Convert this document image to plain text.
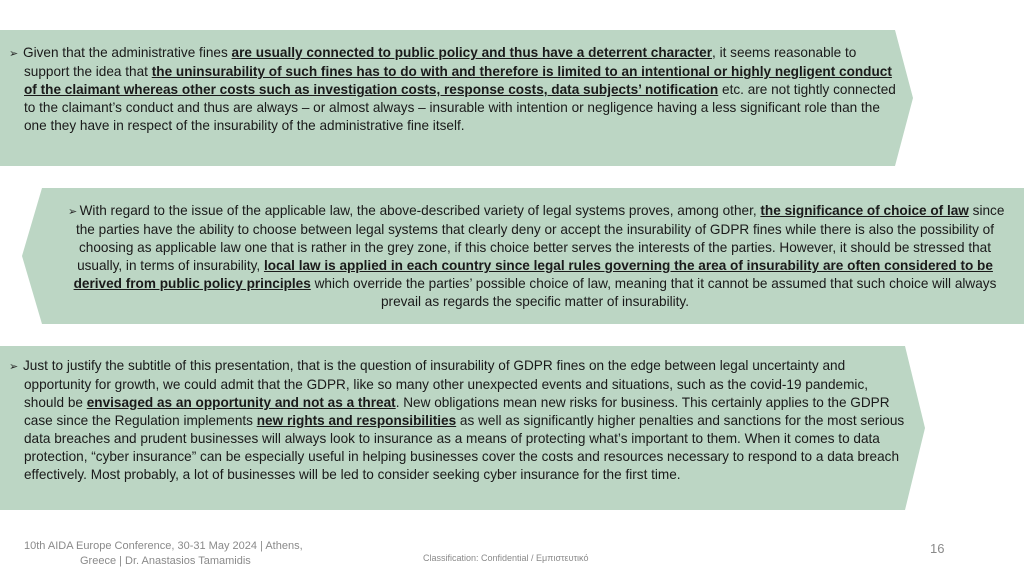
➢ Given that the administrative fines are usually connected to public policy and thus have a deterrent character, it seems reasonable to support the idea that the uninsurability of such fines has to do with and therefore is limited to an intentional or highly negligent conduct of the claimant whereas other costs such as investigation costs, response costs, data subjects’ notification etc. are not tightly connected to the claimant’s conduct and thus are always – or almost always – insurable with intention or negligence having a less significant role than the one they have in respect of the insurability of the administrative fine itself.

➢ With regard to the issue of the applicable law, the above-described variety of legal systems proves, among other, the significance of choice of law since the parties have the ability to choose between legal systems that clearly deny or accept the insurability of GDPR fines while there is also the possibility of choosing as applicable law one that is rather in the grey zone, if this choice better serves the interests of the parties. However, it should be stressed that usually, in terms of insurability, local law is applied in each country since legal rules governing the area of insurability are often considered to be derived from public policy principles which override the parties’ possible choice of law, meaning that it cannot be assumed that such choice will always prevail as regards the specific matter of insurability.

➢ Just to justify the subtitle of this presentation, that is the question of insurability of GDPR fines on the edge between legal uncertainty and opportunity for growth, we could admit that the GDPR, like so many other unexpected events and situations, such as the covid-19 pandemic, should be envisaged as an opportunity and not as a threat. New obligations mean new risks for business. This certainly applies to the GDPR case since the Regulation implements new rights and responsibilities as well as significantly higher penalties and sanctions for the most serious data breaches and prudent businesses will always look to insurance as a means of protecting what’s important to them. When it comes to data protection, “cyber insurance” can be especially useful in helping businesses cover the costs and resources necessary to respond to a data breach effectively. Most probably, a lot of businesses will be led to consider seeking cyber insurance for the first time.

10th AIDA Europe Conference, 30-31 May 2024 | Athens,
Greece | Dr. Anastasios Tamamidis	Classification: Confidential / Εμπιστευτικό
16
